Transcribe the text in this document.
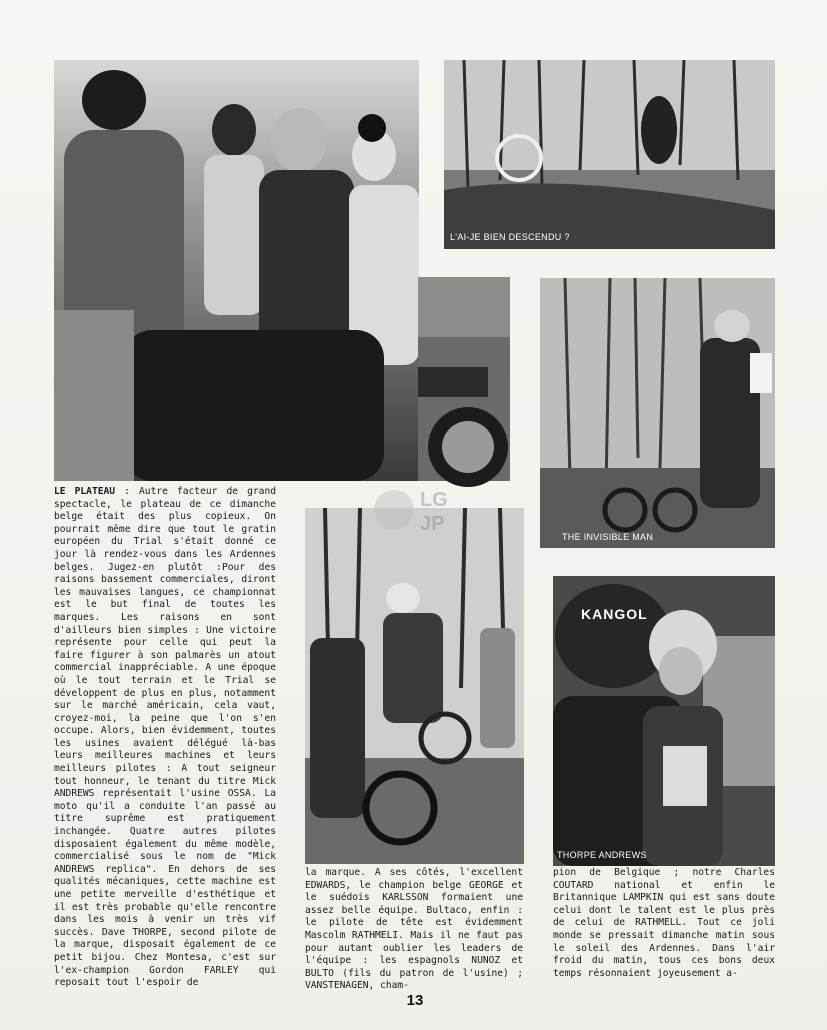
L'AI-JE BIEN DESCENDU ?
THE INVISIBLE MAN
KANGOL
THORPE ANDREWS
LG
JP
LE PLATEAU : Autre facteur de grand spectacle, le plateau de ce dimanche belge était des plus copieux. On pourrait même dire que tout le gratin européen du Trial s'était donné ce jour là rendez-vous dans les Ardennes belges. Jugez-en plutôt :Pour des raisons bassement commerciales, diront les mauvaises langues, ce championnat est le but final de toutes les marques. Les raisons en sont d'ailleurs bien simples : Une victoire représente pour celle qui peut la faire figurer à son palmarès un atout commercial inappréciable. A une époque où le tout terrain et le Trial se développent de plus en plus, notamment sur le marché américain, cela vaut, croyez-moi, la peine que l'on s'en occupe. Alors, bien évidemment, toutes les usines avaient délégué là-bas leurs meilleures machines et leurs meilleurs pilotes : A tout seigneur tout honneur, le tenant du titre Mick ANDREWS représentait l'usine OSSA. La moto qu'il a conduite l'an passé au titre suprême est pratiquement inchangée. Quatre autres pilotes disposaient également du même modèle, commercialisé sous le nom de "Mick ANDREWS replica". En dehors de ses qualités mécaniques, cette machine est une petite merveille d'esthétique et il est très probable qu'elle rencontre dans les mois à venir un très vif succès. Dave THORPE, second pilote de la marque, disposait également de ce petit bijou. Chez Montesa, c'est sur l'ex-champion Gordon FARLEY qui reposait tout l'espoir de
la marque. A ses côtés, l'excellent EDWARDS, le champion belge GEORGE et le suédois KARLSSON formaient une assez belle équipe. Bultaco, enfin : le pilote de tête est évidemment Mascolm RATHMELI. Mais il ne faut pas pour autant oublier les leaders de l'équipe : les espagnols NUNOZ et BULTO (fils du patron de l'usine) ; VANSTENAGEN, cham-
pion de Belgique ; notre Charles COUTARD national et enfin le Britannique LAMPKIN qui est sans doute celui dont le talent est le plus près de celui de RATHMELL. Tout ce joli monde se pressait dimanche matin sous le soleil des Ardennes. Dans l'air froid du matin, tous ces bons deux temps résonnaient joyeusement a-
13
